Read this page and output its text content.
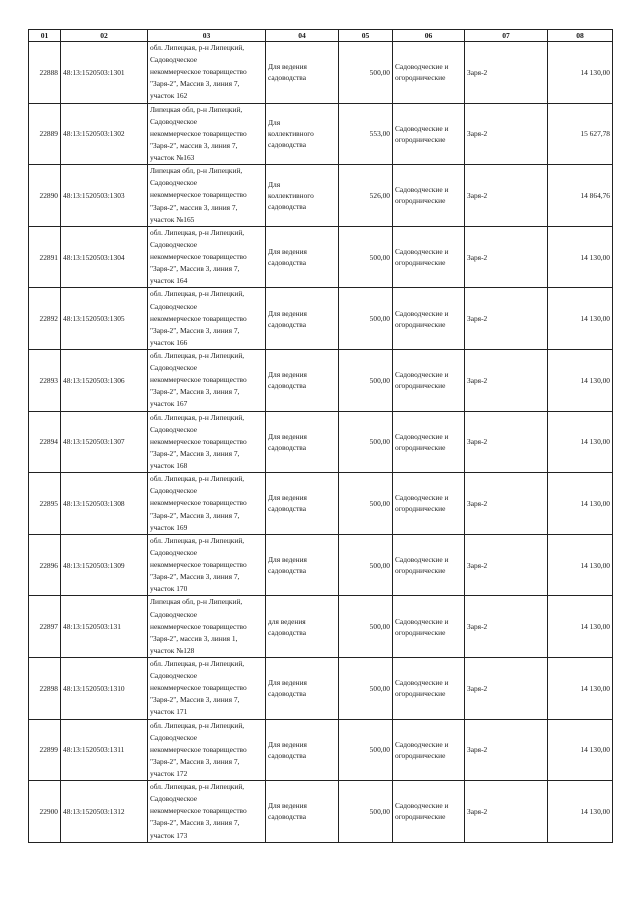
01	02	03	04	05	06	07	08
22888	48:13:1520503:1301	обл. Липецкая, р-н Липецкий,
Садоводческое
некоммерческое товарищество
"Заря-2", Массив 3, линия 7,
участок 162	Для ведения
садоводства	500,00	Садоводческие и
огороднические	Заря-2	14 130,00
22889	48:13:1520503:1302	Липецкая обл, р-н Липецкий,
Садоводческое
некоммерческое товарищество
"Заря-2", массив 3, линия 7,
участок №163	Для
коллективного
садоводства	553,00	Садоводческие и
огороднические	Заря-2	15 627,78
22890	48:13:1520503:1303	Липецкая обл, р-н Липецкий,
Садоводческое
некоммерческое товарищество
"Заря-2", массив 3, линия 7,
участок №165	Для
коллективного
садоводства	526,00	Садоводческие и
огороднические	Заря-2	14 864,76
22891	48:13:1520503:1304	обл. Липецкая, р-н Липецкий,
Садоводческое
некоммерческое товарищество
"Заря-2", Массив 3, линия 7,
участок 164	Для ведения
садоводства	500,00	Садоводческие и
огороднические	Заря-2	14 130,00
22892	48:13:1520503:1305	обл. Липецкая, р-н Липецкий,
Садоводческое
некоммерческое товарищество
"Заря-2", Массив 3, линия 7,
участок 166	Для ведения
садоводства	500,00	Садоводческие и
огороднические	Заря-2	14 130,00
22893	48:13:1520503:1306	обл. Липецкая, р-н Липецкий,
Садоводческое
некоммерческое товарищество
"Заря-2", Массив 3, линия 7,
участок 167	Для ведения
садоводства	500,00	Садоводческие и
огороднические	Заря-2	14 130,00
22894	48:13:1520503:1307	обл. Липецкая, р-н Липецкий,
Садоводческое
некоммерческое товарищество
"Заря-2", Массив 3, линия 7,
участок 168	Для ведения
садоводства	500,00	Садоводческие и
огороднические	Заря-2	14 130,00
22895	48:13:1520503:1308	обл. Липецкая, р-н Липецкий,
Садоводческое
некоммерческое товарищество
"Заря-2", Массив 3, линия 7,
участок 169	Для ведения
садоводства	500,00	Садоводческие и
огороднические	Заря-2	14 130,00
22896	48:13:1520503:1309	обл. Липецкая, р-н Липецкий,
Садоводческое
некоммерческое товарищество
"Заря-2", Массив 3, линия 7,
участок 170	Для ведения
садоводства	500,00	Садоводческие и
огороднические	Заря-2	14 130,00
22897	48:13:1520503:131	Липецкая обл, р-н Липецкий,
Садоводческое
некоммерческое товарищество
"Заря-2", массив 3, линия 1,
участок №128	для ведения
садоводства	500,00	Садоводческие и
огороднические	Заря-2	14 130,00
22898	48:13:1520503:1310	обл. Липецкая, р-н Липецкий,
Садоводческое
некоммерческое товарищество
"Заря-2", Массив 3, линия 7,
участок 171	Для ведения
садоводства	500,00	Садоводческие и
огороднические	Заря-2	14 130,00
22899	48:13:1520503:1311	обл. Липецкая, р-н Липецкий,
Садоводческое
некоммерческое товарищество
"Заря-2", Массив 3, линия 7,
участок 172	Для ведения
садоводства	500,00	Садоводческие и
огороднические	Заря-2	14 130,00
22900	48:13:1520503:1312	обл. Липецкая, р-н Липецкий,
Садоводческое
некоммерческое товарищество
"Заря-2", Массив 3, линия 7,
участок 173	Для ведения
садоводства	500,00	Садоводческие и
огороднические	Заря-2	14 130,00
